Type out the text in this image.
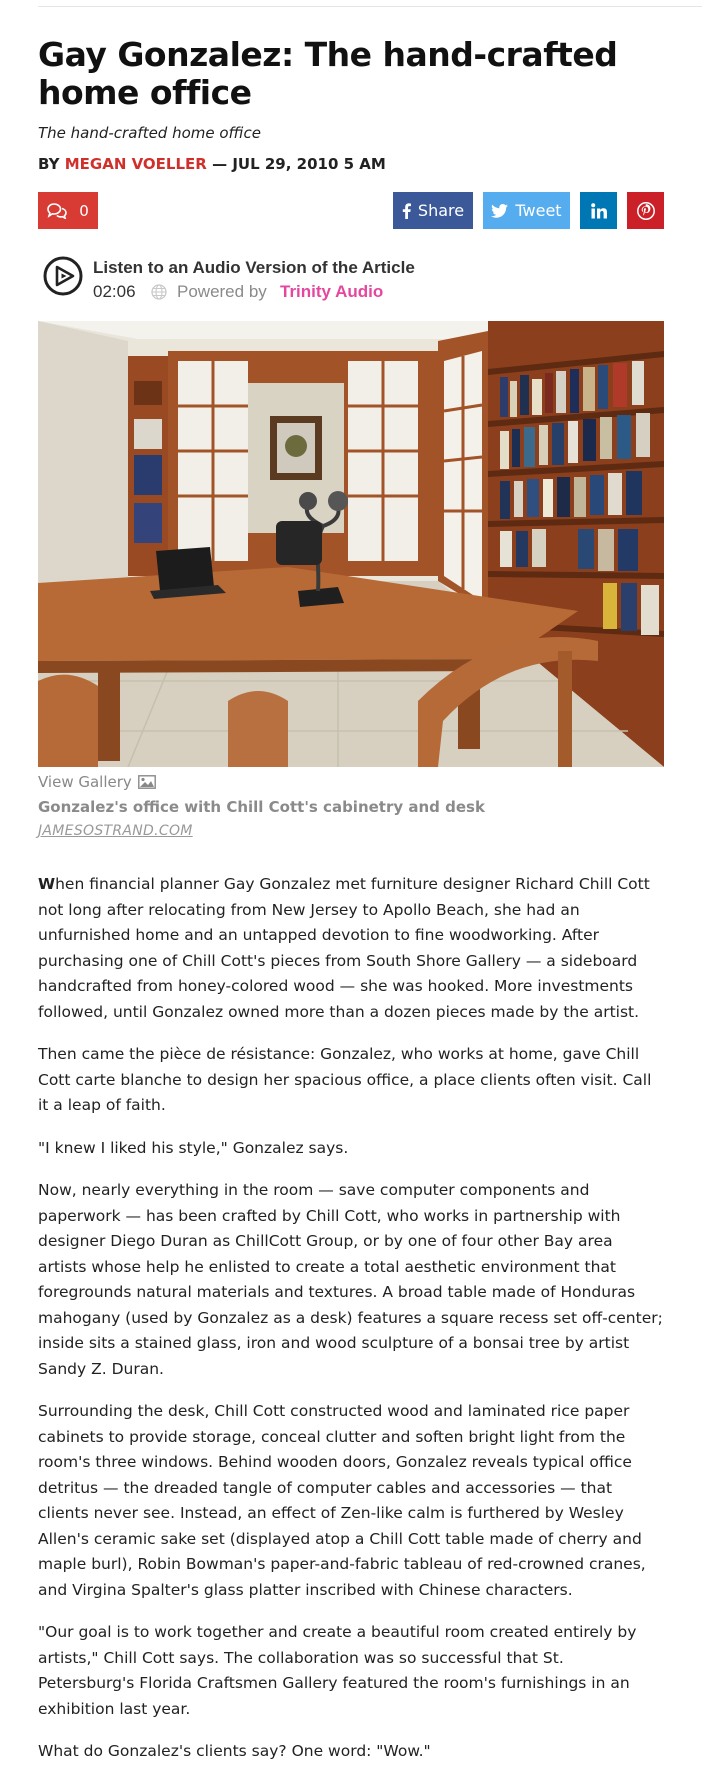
Gay Gonzalez: The hand-crafted home office
The hand-crafted home office
BY MEGAN VOELLER — JUL 29, 2010 5 AM
0	Share	Tweet
Listen to an Audio Version of the Article
02:06 Powered by Trinity Audio
View Gallery
Gonzalez's office with Chill Cott's cabinetry and desk
JAMESOSTRAND.COM

When financial planner Gay Gonzalez met furniture designer Richard Chill Cott not long after relocating from New Jersey to Apollo Beach, she had an unfurnished home and an untapped devotion to fine woodworking. After purchasing one of Chill Cott's pieces from South Shore Gallery — a sideboard handcrafted from honey-colored wood — she was hooked. More investments followed, until Gonzalez owned more than a dozen pieces made by the artist.

Then came the pièce de résistance: Gonzalez, who works at home, gave Chill Cott carte blanche to design her spacious office, a place clients often visit. Call it a leap of faith.

"I knew I liked his style," Gonzalez says.

Now, nearly everything in the room — save computer components and paperwork — has been crafted by Chill Cott, who works in partnership with designer Diego Duran as ChillCott Group, or by one of four other Bay area artists whose help he enlisted to create a total aesthetic environment that foregrounds natural materials and textures. A broad table made of Honduras mahogany (used by Gonzalez as a desk) features a square recess set off-center; inside sits a stained glass, iron and wood sculpture of a bonsai tree by artist Sandy Z. Duran.

Surrounding the desk, Chill Cott constructed wood and laminated rice paper cabinets to provide storage, conceal clutter and soften bright light from the room's three windows. Behind wooden doors, Gonzalez reveals typical office detritus — the dreaded tangle of computer cables and accessories — that clients never see. Instead, an effect of Zen-like calm is furthered by Wesley Allen's ceramic sake set (displayed atop a Chill Cott table made of cherry and maple burl), Robin Bowman's paper-and-fabric tableau of red-crowned cranes, and Virgina Spalter's glass platter inscribed with Chinese characters.

"Our goal is to work together and create a beautiful room created entirely by artists," Chill Cott says. The collaboration was so successful that St. Petersburg's Florida Craftsmen Gallery featured the room's furnishings in an exhibition last year.

What do Gonzalez's clients say? One word: "Wow."
